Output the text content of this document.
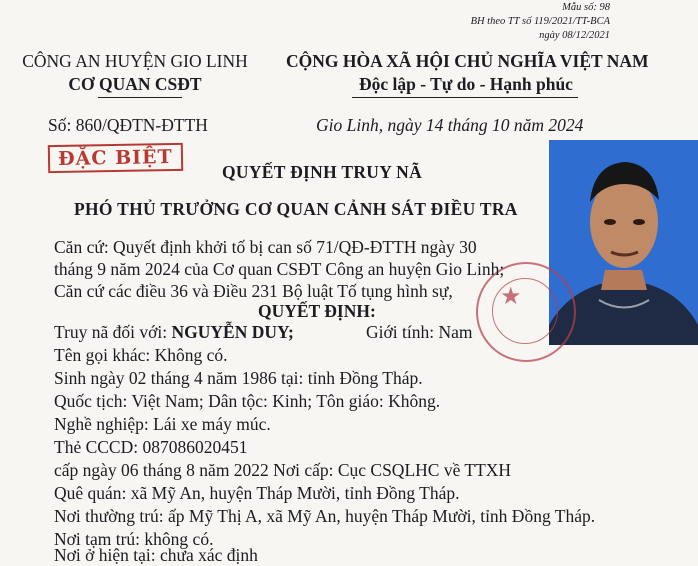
Mẫu số: 98
BH theo TT số 119/2021/TT-BCA
ngày 08/12/2021
CÔNG AN HUYỆN GIO LINH
CƠ QUAN CSĐT
CỘNG HÒA XÃ HỘI CHỦ NGHĨA VIỆT NAM
Độc lập - Tự do - Hạnh phúc
Số: 860/QĐTN-ĐTTH	Gio Linh, ngày 14 tháng 10 năm 2024
ĐẶC BIỆT
QUYẾT ĐỊNH TRUY NÃ
PHÓ THỦ TRƯỞNG CƠ QUAN CẢNH SÁT ĐIỀU TRA
★
Căn cứ: Quyết định khởi tố bị can số 71/QĐ-ĐTTH ngày 30
tháng 9 năm 2024 của Cơ quan CSĐT Công an huyện Gio Linh;
Căn cứ các điều 36 và Điều 231 Bộ luật Tố tụng hình sự,
QUYẾT ĐỊNH:
Truy nã đối với: NGUYỄN DUY;	Giới tính: Nam
Tên gọi khác: Không có.
Sinh ngày 02 tháng 4 năm 1986 tại: tỉnh Đồng Tháp.
Quốc tịch: Việt Nam; Dân tộc: Kinh; Tôn giáo: Không.
Nghề nghiệp: Lái xe máy múc.
Thẻ CCCD: 087086020451
cấp ngày 06 tháng 8 năm 2022 Nơi cấp: Cục CSQLHC về TTXH
Quê quán: xã Mỹ An, huyện Tháp Mười, tỉnh Đồng Tháp.
Nơi thường trú: ấp Mỹ Thị A, xã Mỹ An, huyện Tháp Mười, tỉnh Đồng Tháp.
Nơi tạm trú: không có.
Nơi ở hiện tại: chưa xác định
